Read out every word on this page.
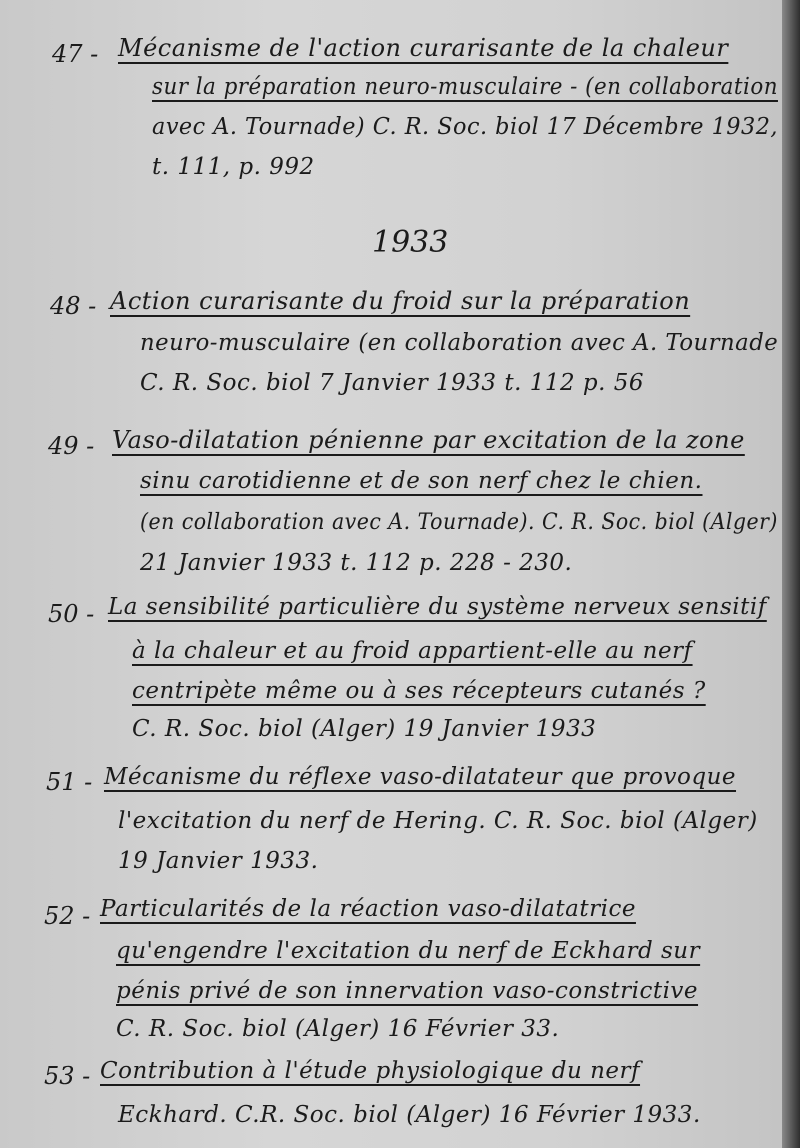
47 - Mécanisme de l'action curarisante de la chaleur
sur la préparation neuro-musculaire - (en collaboration
avec A. Tournade) C. R. Soc. biol 17 Décembre 1932,
t. 111, p. 992
1933
48 - Action curarisante du froid sur la préparation
neuro-musculaire (en collaboration avec A. Tournade
C. R. Soc. biol 7 Janvier 1933 t. 112 p. 56
49 - Vaso-dilatation pénienne par excitation de la zone
sinu carotidienne et de son nerf chez le chien.
(en collaboration avec A. Tournade). C. R. Soc. biol (Alger)
21 Janvier 1933 t. 112 p. 228 - 230.
50 - La sensibilité particulière du système nerveux sensitif
à la chaleur et au froid appartient-elle au nerf
centripète même ou à ses récepteurs cutanés ?
C. R. Soc. biol (Alger) 19 Janvier 1933
51 - Mécanisme du réflexe vaso-dilatateur que provoque
l'excitation du nerf de Hering. C. R. Soc. biol (Alger)
19 Janvier 1933.
52 - Particularités de la réaction vaso-dilatatrice
qu'engendre l'excitation du nerf de Eckhard sur
pénis privé de son innervation vaso-constrictive
C. R. Soc. biol (Alger) 16 Février 33.
53 - Contribution à l'étude physiologique du nerf
Eckhard. C.R. Soc. biol (Alger) 16 Février 1933.
